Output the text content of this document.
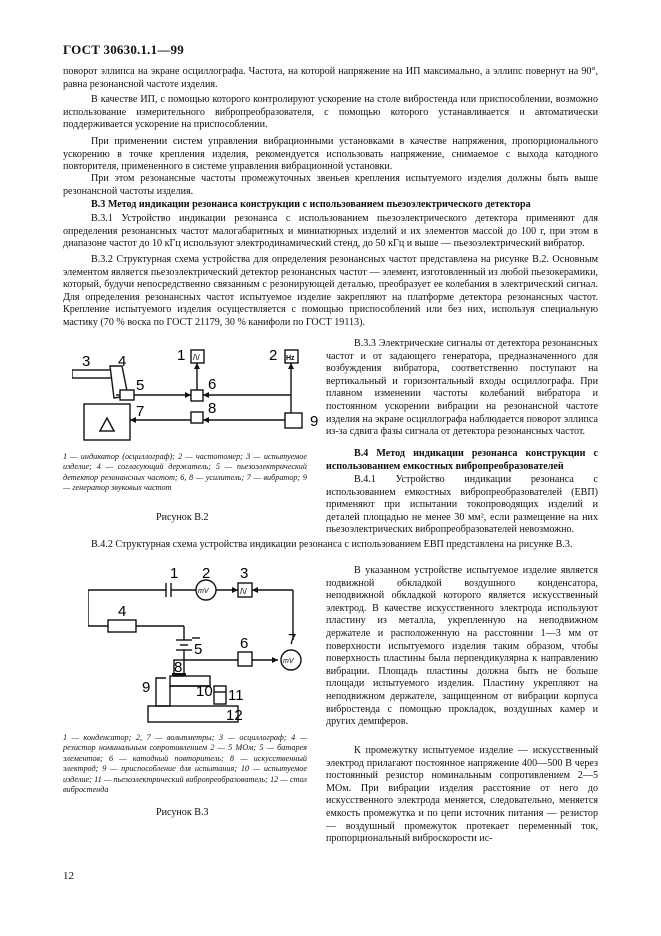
ГОСТ 30630.1.1—99
поворот эллипса на экране осциллографа. Частота, на которой напряжение на ИП максимально, а эллипс повернут на 90°, равна резонансной частоте изделия.
В качестве ИП, с помощью которого контролируют ускорение на столе вибростенда или приспособлении, возможно использование измерительного вибропреобразователя, с помощью которого устанавливается и автоматически поддерживается ускорение на приспособлении.
При применении систем управления вибрационными установками в качестве напряжения, пропорционального ускорению в точке крепления изделия, рекомендуется использовать напряжение, снимаемое с выхода катодного повторителя, примененного в системе управления вибрационной установки.
При этом резонансные частоты промежуточных звеньев крепления испытуемого изделия должны быть выше резонансной частоты изделия.
В.3 Метод индикации резонанса конструкции с использованием пьезоэлектрического детектора
В.3.1 Устройство индикации резонанса с использованием пьезоэлектрического детектора применяют для определения резонансных частот малогабаритных и миниатюрных изделий и их элементов массой до 100 г, при этом в диапазоне частот до 10 кГц используют электродинамический стенд, до 50 кГц и выше — пьезоэлектрический вибратор.
В.3.2 Структурная схема устройства для определения резонансных частот представлена на рисунке В.2. Основным элементом является пьезоэлектрический детектор резонансных частот — элемент, изготовленный из любой пьезокерамики, который, будучи непосредственно связанным с резонирующей деталью, преобразует ее колебания в электрический сигнал. Для определения резонансных частот испытуемое изделие закрепляют на платформе детектора резонансных частот. Крепление испытуемого изделия осуществляется с помощью приспособлений или без них, используя специальную мастику (70 % воска по ГОСТ 21179, 30 % канифоли по ГОСТ 19113).
/\/	Hz
3 4	1	2
5	6
7	8
9
1 — индикатор (осциллограф); 2 — частотомер; 3 — испытуемое изделие; 4 — согласующий держатель; 5 — пьезоэлектрический детектор резонансных частот; 6, 8 — усилитель; 7 — вибратор; 9 — генератор звуковых частот
Рисунок В.2
В.3.3 Электрические сигналы от детектора резонансных частот и от задающего генератора, предназначенного для возбуждения вибратора, соответственно поступают на вертикальный и горизонтальный входы осциллографа. При плавном изменении частоты колебаний вибратора и постоянном ускорении вибрации на резонансной частоте изделия на экране осциллографа наблюдается поворот эллипса из-за сдвига фазы сигнала от детектора резонансных частот.
В.4 Метод индикации резонанса конструкции с использованием емкостных вибропреобразователей
В.4.1 Устройство индикации резонанса с использованием емкостных вибропреобразователей (ЕВП) применяют при испытании токопроводящих изделий и деталей площадью не менее 30 мм², если размещение на них пьезоэлектрических вибропреобразователей невозможно.
В.4.2 Структурная схема устройства индикации резонанса с использованием ЕВП представлена на рисунке В.3.
mV
mV
/\/
1 2 3
4
5	6	7
8
9	10 11
12
1 — конденсатор; 2, 7 — вольтметры; 3 — осциллограф; 4 — резистор номинальным сопротивлением 2 — 5 МОм; 5 — батарея элементов; 6 — катодный повторитель; 8 — искусственный электрод; 9 — приспособление для испытания; 10 — испытуемое изделие; 11 — пьезоэлектрический вибропреобразователь; 12 — стол вибростенда
Рисунок В.3
В указанном устройстве испытуемое изделие является подвижной обкладкой воздушного конденсатора, неподвижной обкладкой которого является искусственный электрод. В качестве искусственного электрода используют пластину из металла, укрепленную на неподвижном держателе и расположенную на расстоянии 1—3 мм от поверхности испытуемого изделия таким образом, чтобы поверхность пластины была перпендикулярна к направлению вибрации. Площадь пластины должна быть не больше площади испытуемого изделия. Пластину укрепляют на неподвижном держателе, защищенном от вибрации корпуса вибростенда с помощью прокладок, воздушных камер и других демпферов.
К промежутку испытуемое изделие — искусственный электрод прилагают постоянное напряжение 400—500 В через постоянный резистор номинальным сопротивлением 2—5 МОм. При вибрации изделия расстояние от него до искусственного электрода меняется, следовательно, меняется емкость промежутка и по цепи источник питания — резистор — воздушный промежуток протекает переменный ток, пропорциональный виброскорости ис-
12
